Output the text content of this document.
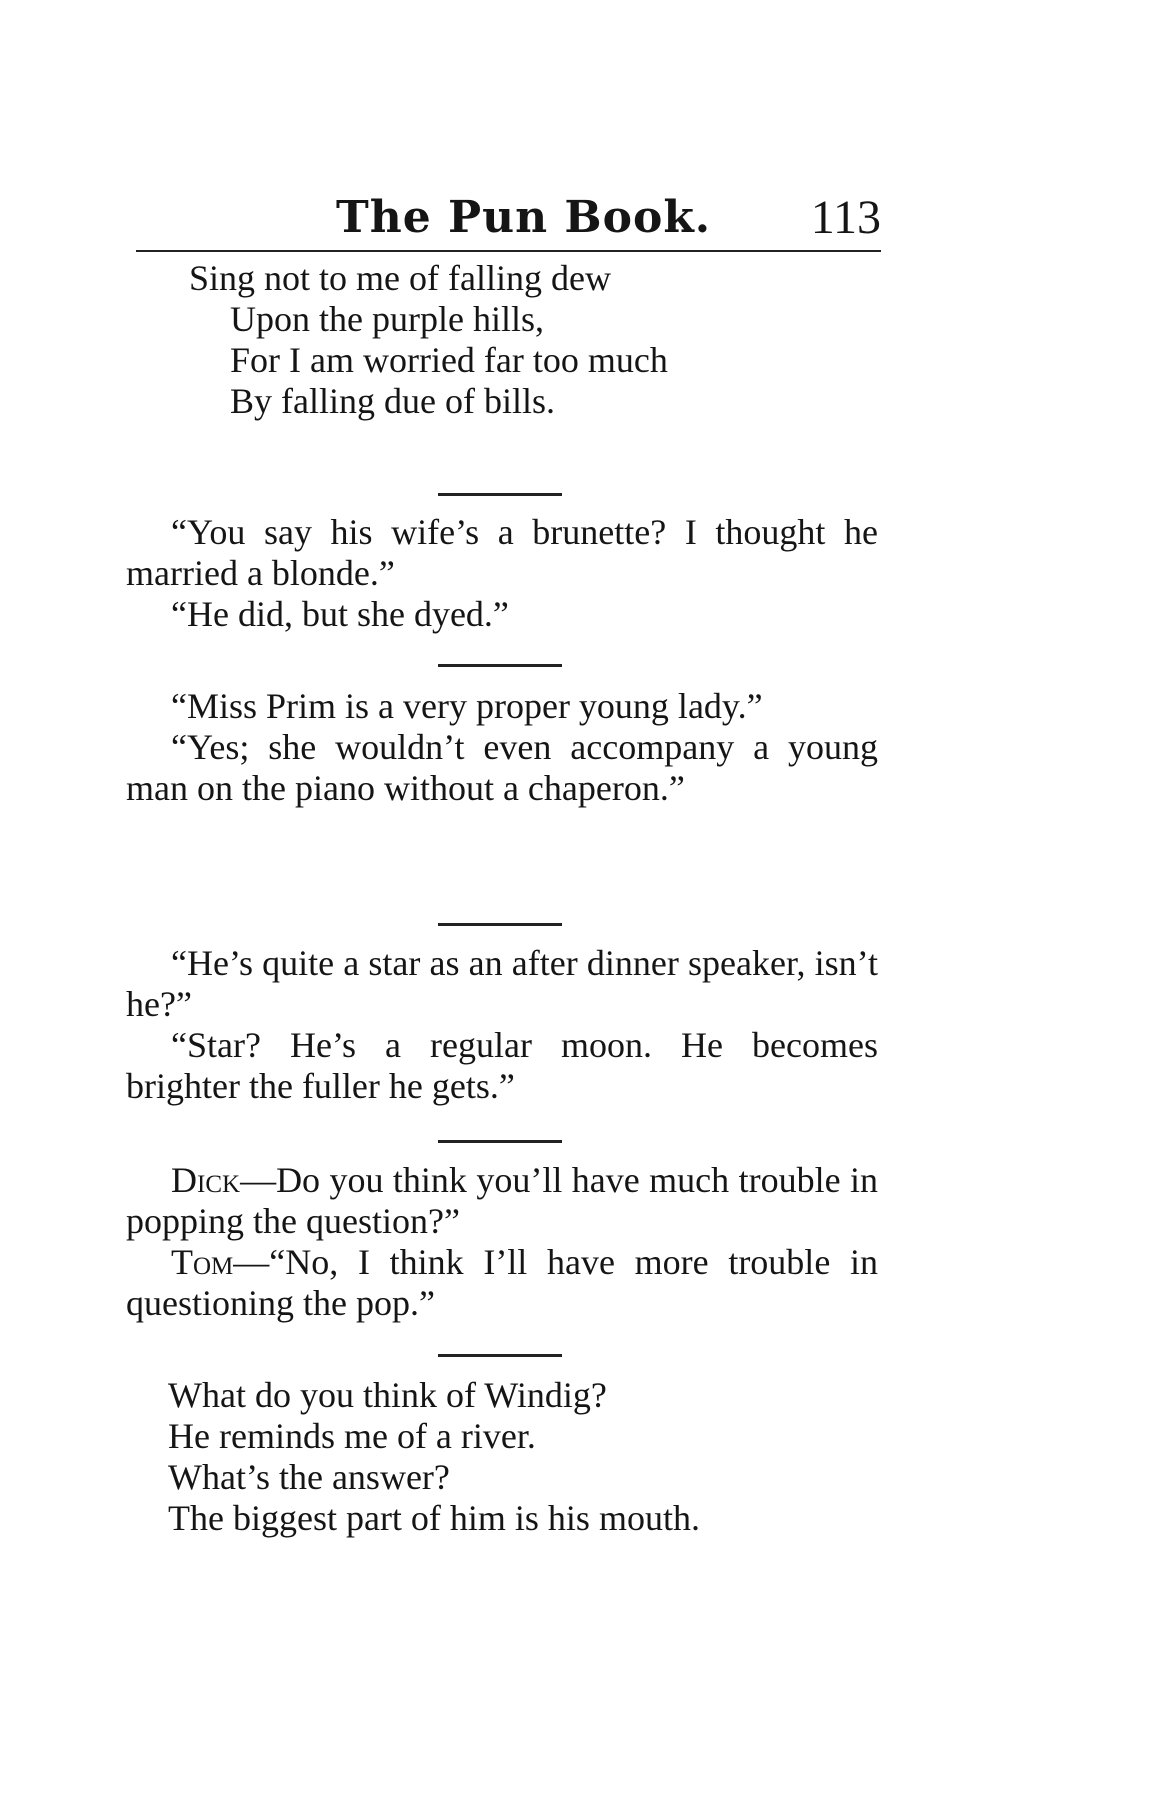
The Pun Book. 113

Sing not to me of falling dew

Upon the purple hills,

For I am worried far too much

By falling due of bills.

“You say his wife’s a brunette? I thought he married a blonde.”

“He did, but she dyed.”

“Miss Prim is a very proper young lady.”

“Yes; she wouldn’t even accompany a young man on the piano without a chaperon.”

“He’s quite a star as an after dinner speaker, isn’t he?”

“Star? He’s a regular moon. He becomes brighter the fuller he gets.”

Dick—Do you think you’ll have much trouble in popping the question?”

Tom—“No, I think I’ll have more trouble in questioning the pop.”

What do you think of Windig?

He reminds me of a river.

What’s the answer?

The biggest part of him is his mouth.
